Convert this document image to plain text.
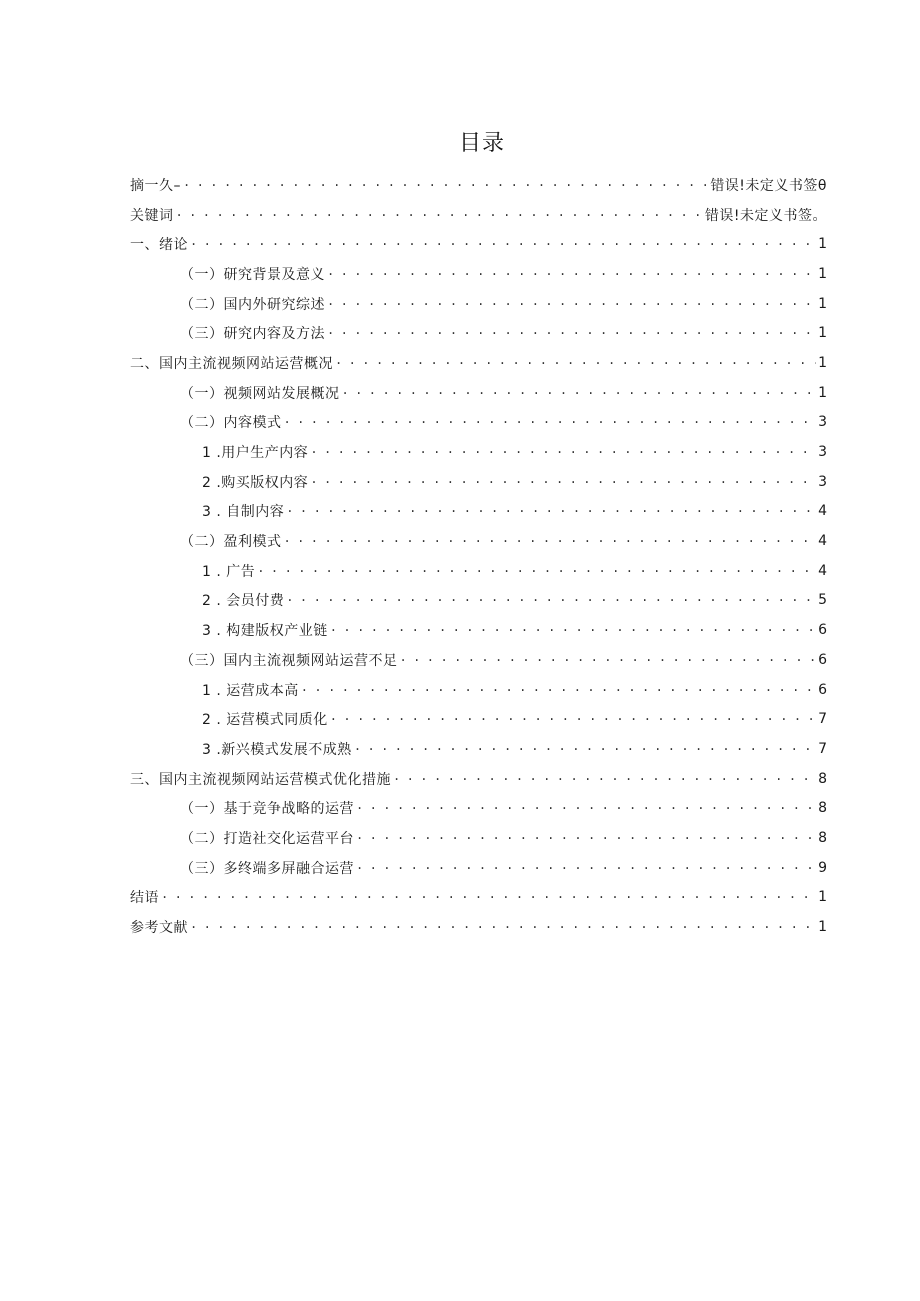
目录
摘一久– . . .	错误!未定义书签θ
关键词 . . .	错误!未定义书签。
一、绪论 . . .	1
（一）研究背景及意义 . . .	1
（二）国内外研究综述 . . .	1
（三）研究内容及方法 . . .	1
二、国内主流视频网站运营概况 . . .	1
（一）视频网站发展概况 . . .	1
（二）内容模式 . . .	3
1 .用户生产内容 . . .	3
2 .购买版权内容 . . .	3
3 . 自制内容 . . .	4
（二）盈利模式 . . .	4
1 . 广告 . . .	4
2 . 会员付费 . . .	5
3 . 构建版权产业链 . . .	6
（三）国内主流视频网站运营不足 . . .	6
1 . 运营成本高 . . .	6
2 . 运营模式同质化 . . .	7
3 .新兴模式发展不成熟 . . .	7
三、国内主流视频网站运营模式优化措施 . . .	8
（一）基于竞争战略的运营 . . .	8
（二）打造社交化运营平台 . . .	8
（三）多终端多屏融合运营 . . .	9
结语 . . .	1
参考文献 . . .	1
